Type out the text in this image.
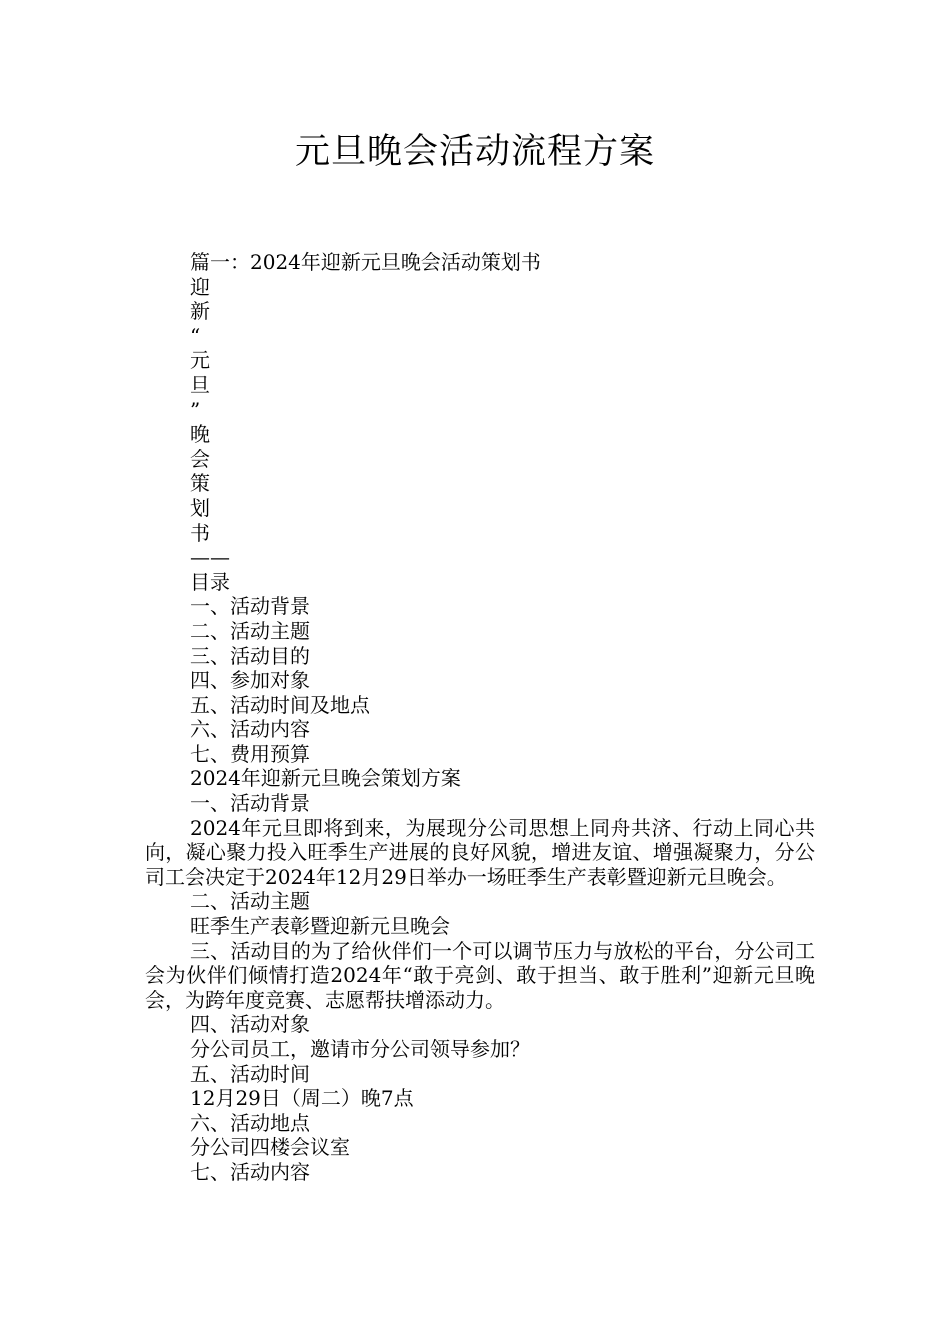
元旦晚会活动流程方案
篇一：2024年迎新元旦晚会活动策划书
迎
新
“
元
旦
”
晚
会
策
划
书
——
目录
一、活动背景
二、活动主题
三、活动目的
四、参加对象
五、活动时间及地点
六、活动内容
七、费用预算
2024年迎新元旦晚会策划方案
一、活动背景

2024年元旦即将到来，为展现分公司思想上同舟共济、行动上同心共向，凝心聚力投入旺季生产进展的良好风貌，增进友谊、增强凝聚力，分公司工会决定于2024年12月29日举办一场旺季生产表彰暨迎新元旦晚会。

二、活动主题
旺季生产表彰暨迎新元旦晚会

三、活动目的为了给伙伴们一个可以调节压力与放松的平台，分公司工会为伙伴们倾情打造2024年“敢于亮剑、敢于担当、敢于胜利”迎新元旦晚会，为跨年度竞赛、志愿帮扶增添动力。

四、活动对象
分公司员工，邀请市分公司领导参加？
五、活动时间
12月29日（周二）晚7点
六、活动地点
分公司四楼会议室
七、活动内容
